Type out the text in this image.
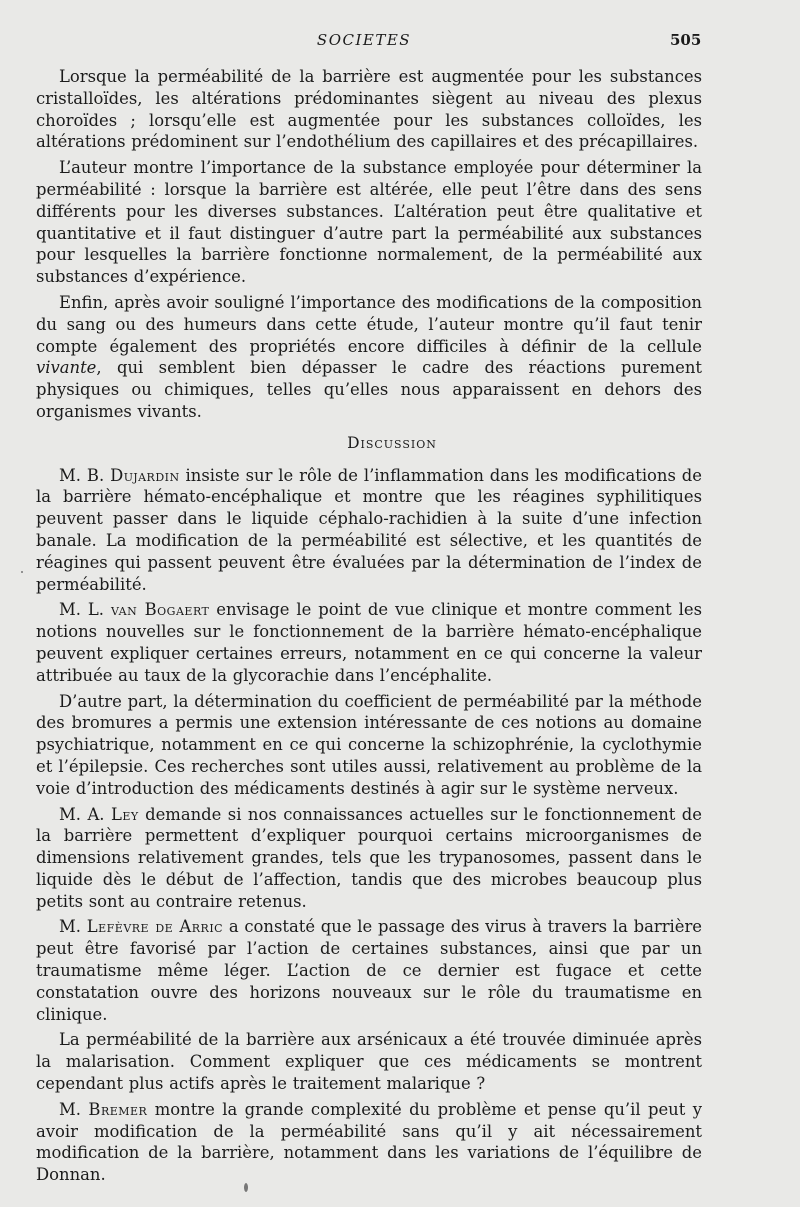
SOCIETES	505

Lorsque la perméabilité de la barrière est augmentée pour les substances cristalloïdes, les altérations prédominantes siègent au niveau des plexus choroïdes ; lorsqu’elle est augmentée pour les substances colloïdes, les altérations prédominent sur l’endothélium des capillaires et des précapillaires.

L’auteur montre l’importance de la substance employée pour déterminer la perméabilité : lorsque la barrière est altérée, elle peut l’être dans des sens différents pour les diverses substances. L’altération peut être qualitative et quantitative et il faut distinguer d’autre part la perméabilité aux substances pour lesquelles la barrière fonctionne normalement, de la perméabilité aux substances d’expérience.

Enfin, après avoir souligné l’importance des modifications de la composition du sang ou des humeurs dans cette étude, l’auteur montre qu’il faut tenir compte également des propriétés encore difficiles à définir de la cellule vivante, qui semblent bien dépasser le cadre des réactions purement physiques ou chimiques, telles qu’elles nous apparaissent en dehors des organismes vivants.

Discussion

M. B. Dujardin insiste sur le rôle de l’inflammation dans les modifications de la barrière hémato-encéphalique et montre que les réagines syphilitiques peuvent passer dans le liquide céphalo-rachidien à la suite d’une infection banale. La modification de la perméabilité est sélective, et les quantités de réagines qui passent peuvent être évaluées par la détermination de l’index de perméabilité.

M. L. van Bogaert envisage le point de vue clinique et montre comment les notions nouvelles sur le fonctionnement de la barrière hémato-encéphalique peuvent expliquer certaines erreurs, notamment en ce qui concerne la valeur attribuée au taux de la glycorachie dans l’encéphalite.

D’autre part, la détermination du coefficient de perméabilité par la méthode des bromures a permis une extension intéressante de ces notions au domaine psychiatrique, notamment en ce qui concerne la schizophrénie, la cyclothymie et l’épilepsie. Ces recherches sont utiles aussi, relativement au problème de la voie d’introduction des médicaments destinés à agir sur le système nerveux.

M. A. Ley demande si nos connaissances actuelles sur le fonctionnement de la barrière permettent d’expliquer pourquoi certains microorganismes de dimensions relativement grandes, tels que les trypanosomes, passent dans le liquide dès le début de l’affection, tandis que des microbes beaucoup plus petits sont au contraire retenus.

M. Lefèvre de Arric a constaté que le passage des virus à travers la barrière peut être favorisé par l’action de certaines substances, ainsi que par un traumatisme même léger. L’action de ce dernier est fugace et cette constatation ouvre des horizons nouveaux sur le rôle du traumatisme en clinique.

La perméabilité de la barrière aux arsénicaux a été trouvée diminuée après la malarisation. Comment expliquer que ces médicaments se montrent cependant plus actifs après le traitement malarique ?

M. Bremer montre la grande complexité du problème et pense qu’il peut y avoir modification de la perméabilité sans qu’il y ait nécessairement modification de la barrière, notamment dans les variations de l’équilibre de Donnan.
